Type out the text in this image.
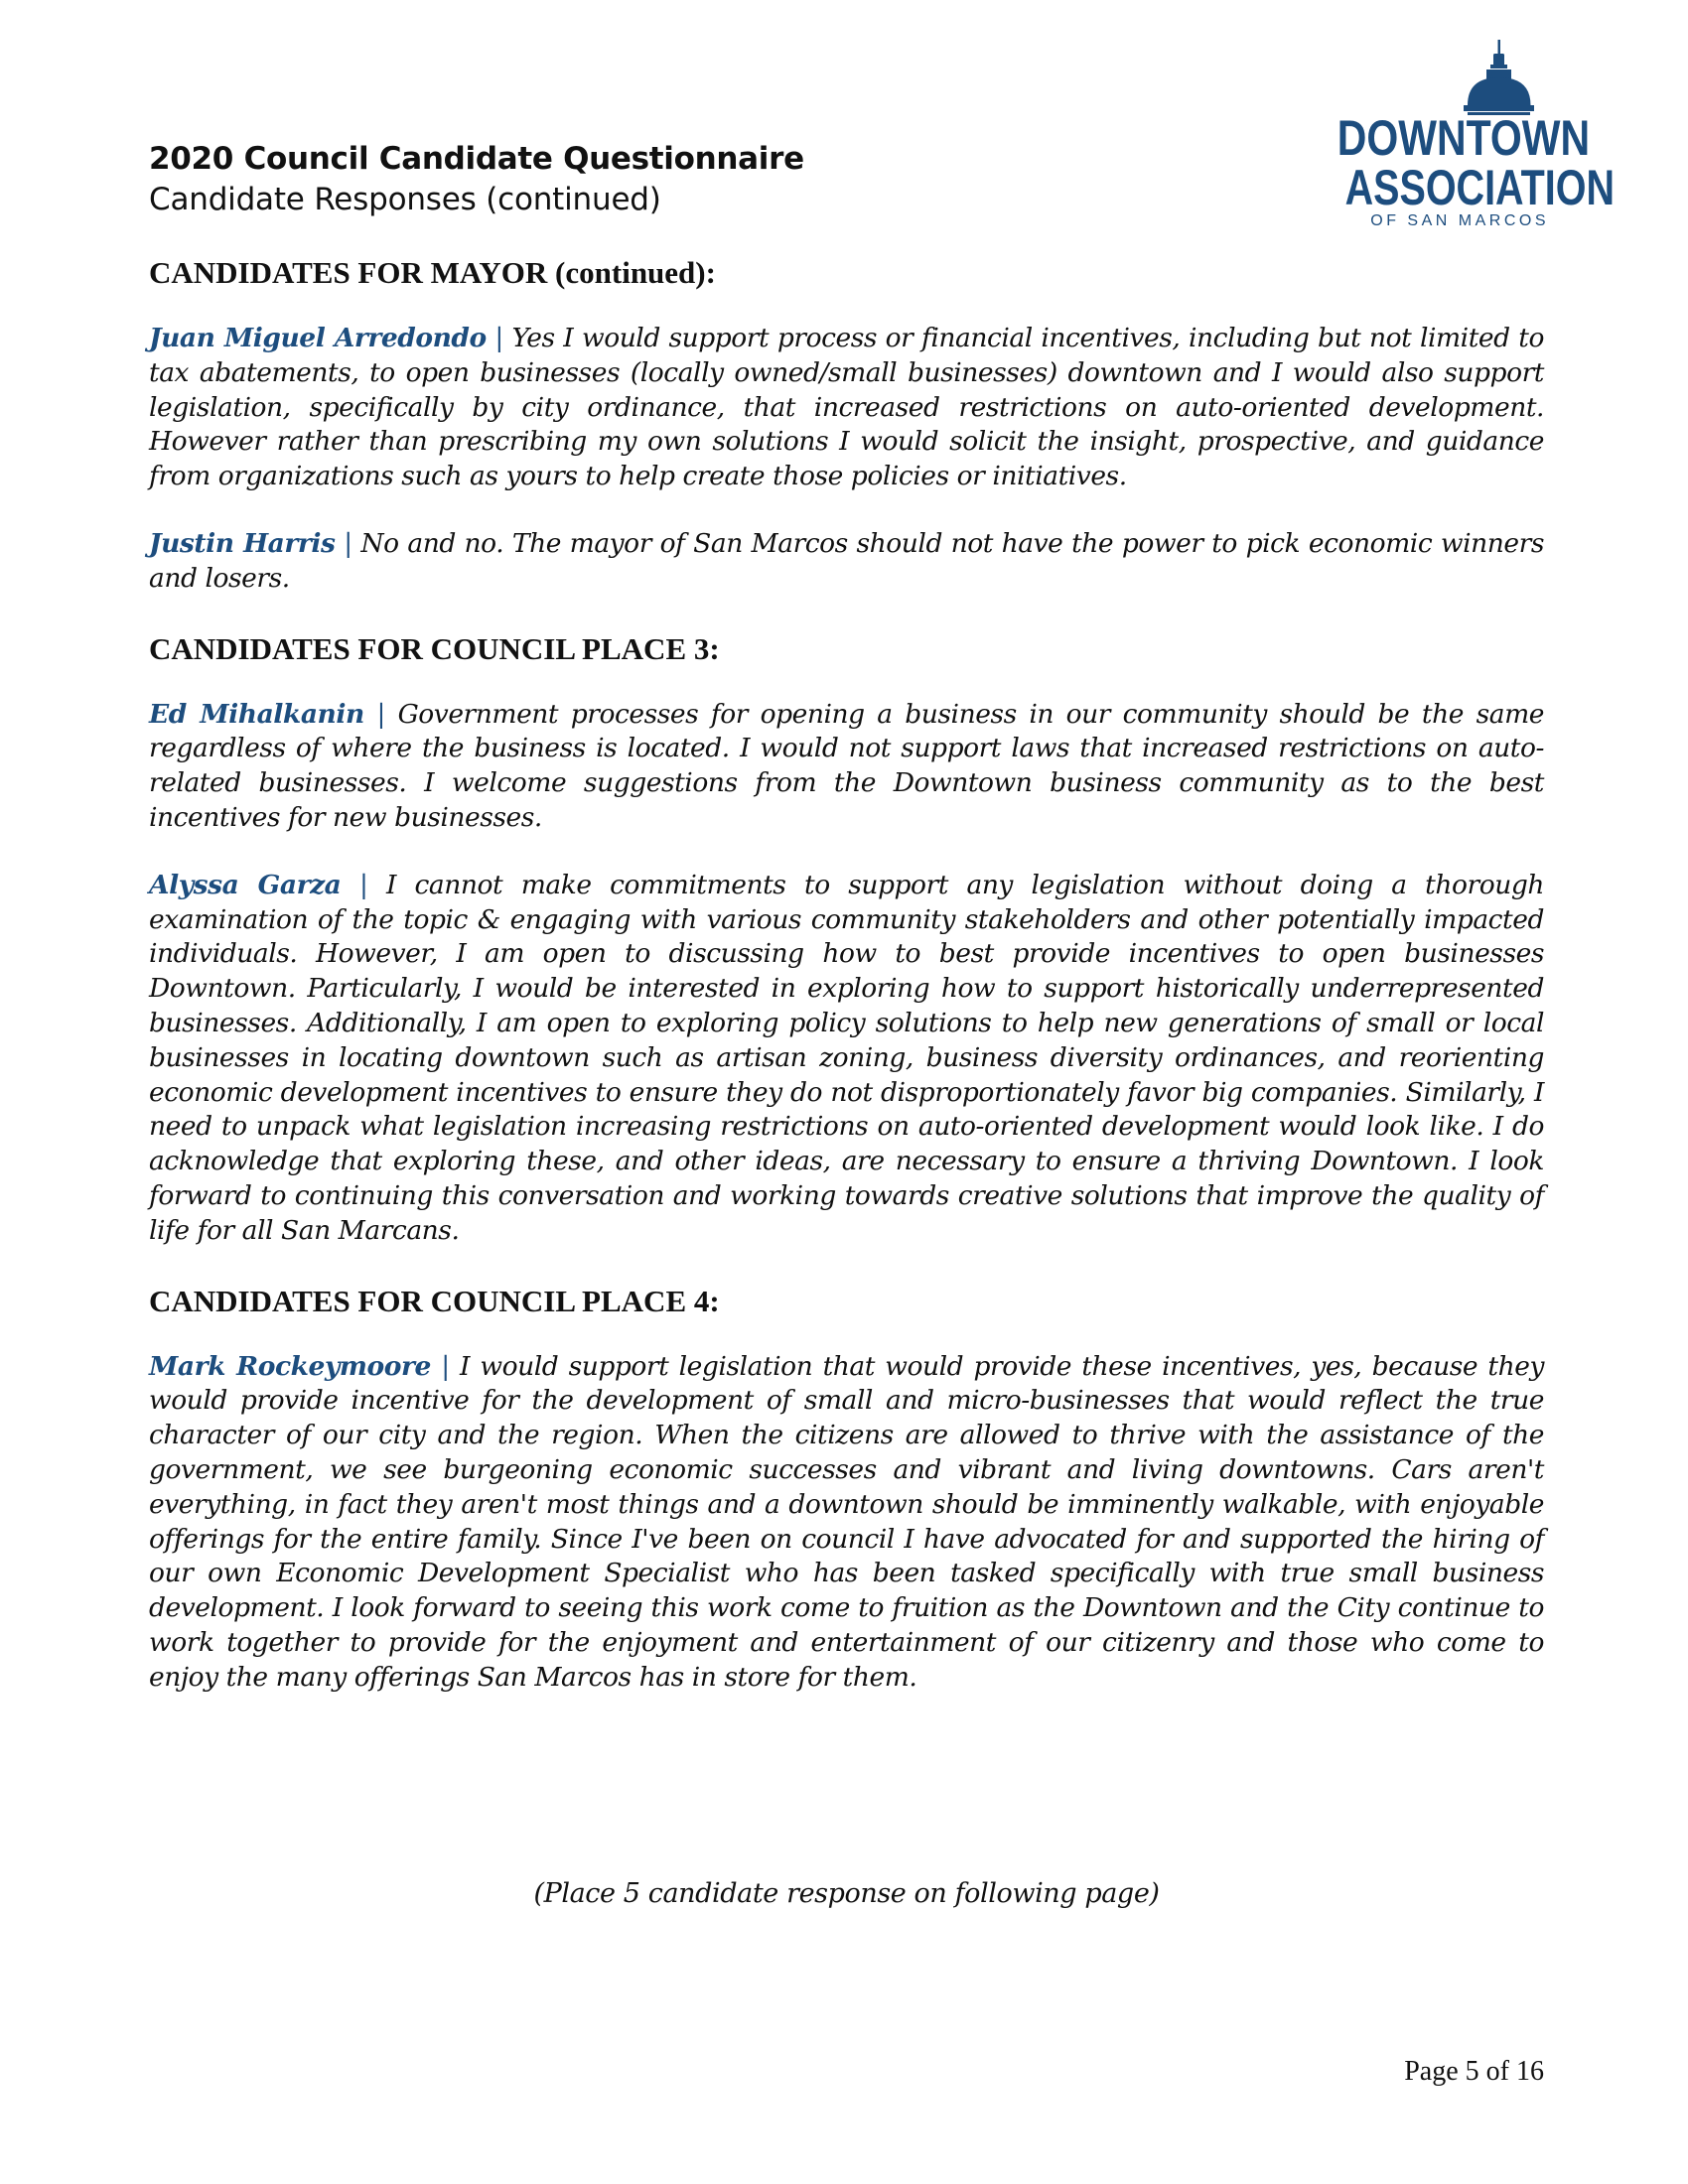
2020 Council Candidate Questionnaire
Candidate Responses (continued)
DOWNTOWN
ASSOCIATION
OF SAN MARCOS
CANDIDATES FOR MAYOR (continued):

Juan Miguel Arredondo | Yes I would support process or financial incentives, including but not limited to tax abatements, to open businesses (locally owned/small businesses) downtown and I would also support legislation, specifically by city ordinance, that increased restrictions on auto-oriented development. However rather than prescribing my own solutions I would solicit the insight, prospective, and guidance from organizations such as yours to help create those policies or initiatives.

Justin Harris | No and no. The mayor of San Marcos should not have the power to pick economic winners and losers.

CANDIDATES FOR COUNCIL PLACE 3:

Ed Mihalkanin | Government processes for opening a business in our community should be the same regardless of where the business is located. I would not support laws that increased restrictions on auto-related businesses. I welcome suggestions from the Downtown business community as to the best incentives for new businesses.

Alyssa Garza | I cannot make commitments to support any legislation without doing a thorough examination of the topic & engaging with various community stakeholders and other potentially impacted individuals. However, I am open to discussing how to best provide incentives to open businesses Downtown. Particularly, I would be interested in exploring how to support historically underrepresented businesses. Additionally, I am open to exploring policy solutions to help new generations of small or local businesses in locating downtown such as artisan zoning, business diversity ordinances, and reorienting economic development incentives to ensure they do not disproportionately favor big companies. Similarly, I need to unpack what legislation increasing restrictions on auto-oriented development would look like. I do acknowledge that exploring these, and other ideas, are necessary to ensure a thriving Downtown. I look forward to continuing this conversation and working towards creative solutions that improve the quality of life for all San Marcans.

CANDIDATES FOR COUNCIL PLACE 4:

Mark Rockeymoore | I would support legislation that would provide these incentives, yes, because they would provide incentive for the development of small and micro-businesses that would reflect the true character of our city and the region. When the citizens are allowed to thrive with the assistance of the government, we see burgeoning economic successes and vibrant and living downtowns. Cars aren't everything, in fact they aren't most things and a downtown should be imminently walkable, with enjoyable offerings for the entire family. Since I've been on council I have advocated for and supported the hiring of our own Economic Development Specialist who has been tasked specifically with true small business development. I look forward to seeing this work come to fruition as the Downtown and the City continue to work together to provide for the enjoyment and entertainment of our citizenry and those who come to enjoy the many offerings San Marcos has in store for them.

(Place 5 candidate response on following page)
Page 5 of 16
